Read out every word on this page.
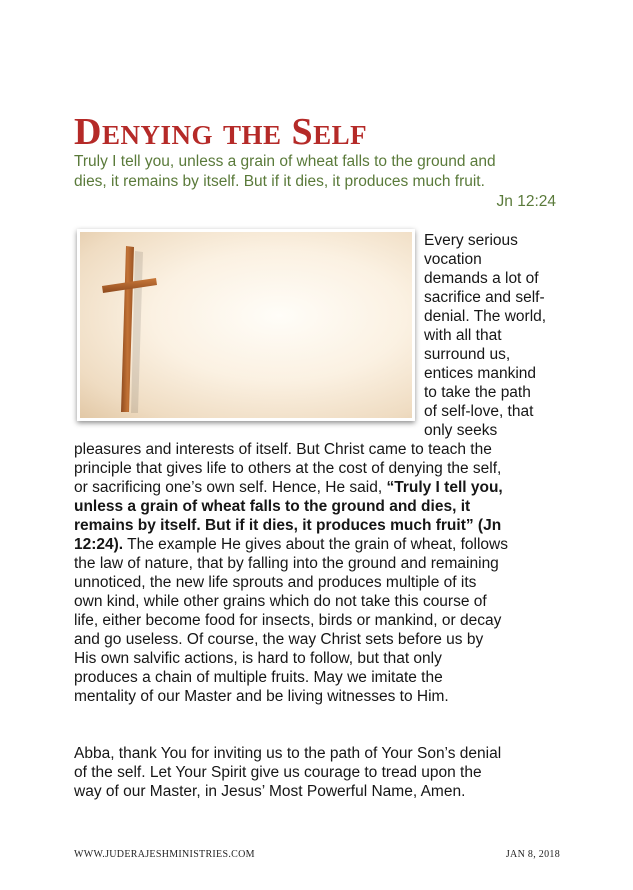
Denying the Self
Truly I tell you, unless a grain of wheat falls to the ground and
dies, it remains by itself. But if it dies, it produces much fruit.
Jn 12:24
Every serious
vocation
demands a lot of
sacrifice and self-
denial. The world,
with all that
surround us,
entices mankind
to take the path
of self-love, that
only seeks
pleasures and interests of itself. But Christ came to teach the
principle that gives life to others at the cost of denying the self,
or sacrificing one’s own self. Hence, He said, “Truly I tell you,
unless a grain of wheat falls to the ground and dies, it
remains by itself. But if it dies, it produces much fruit” (Jn
12:24). The example He gives about the grain of wheat, follows
the law of nature, that by falling into the ground and remaining
unnoticed, the new life sprouts and produces multiple of its
own kind, while other grains which do not take this course of
life, either become food for insects, birds or mankind, or decay
and go useless. Of course, the way Christ sets before us by
His own salvific actions, is hard to follow, but that only
produces a chain of multiple fruits. May we imitate the
mentality of our Master and be living witnesses to Him.
Abba, thank You for inviting us to the path of Your Son’s denial
of the self. Let Your Spirit give us courage to tread upon the
way of our Master, in Jesus’ Most Powerful Name, Amen.
WWW.JUDERAJESHMINISTRIES.COM	JAN 8, 2018
